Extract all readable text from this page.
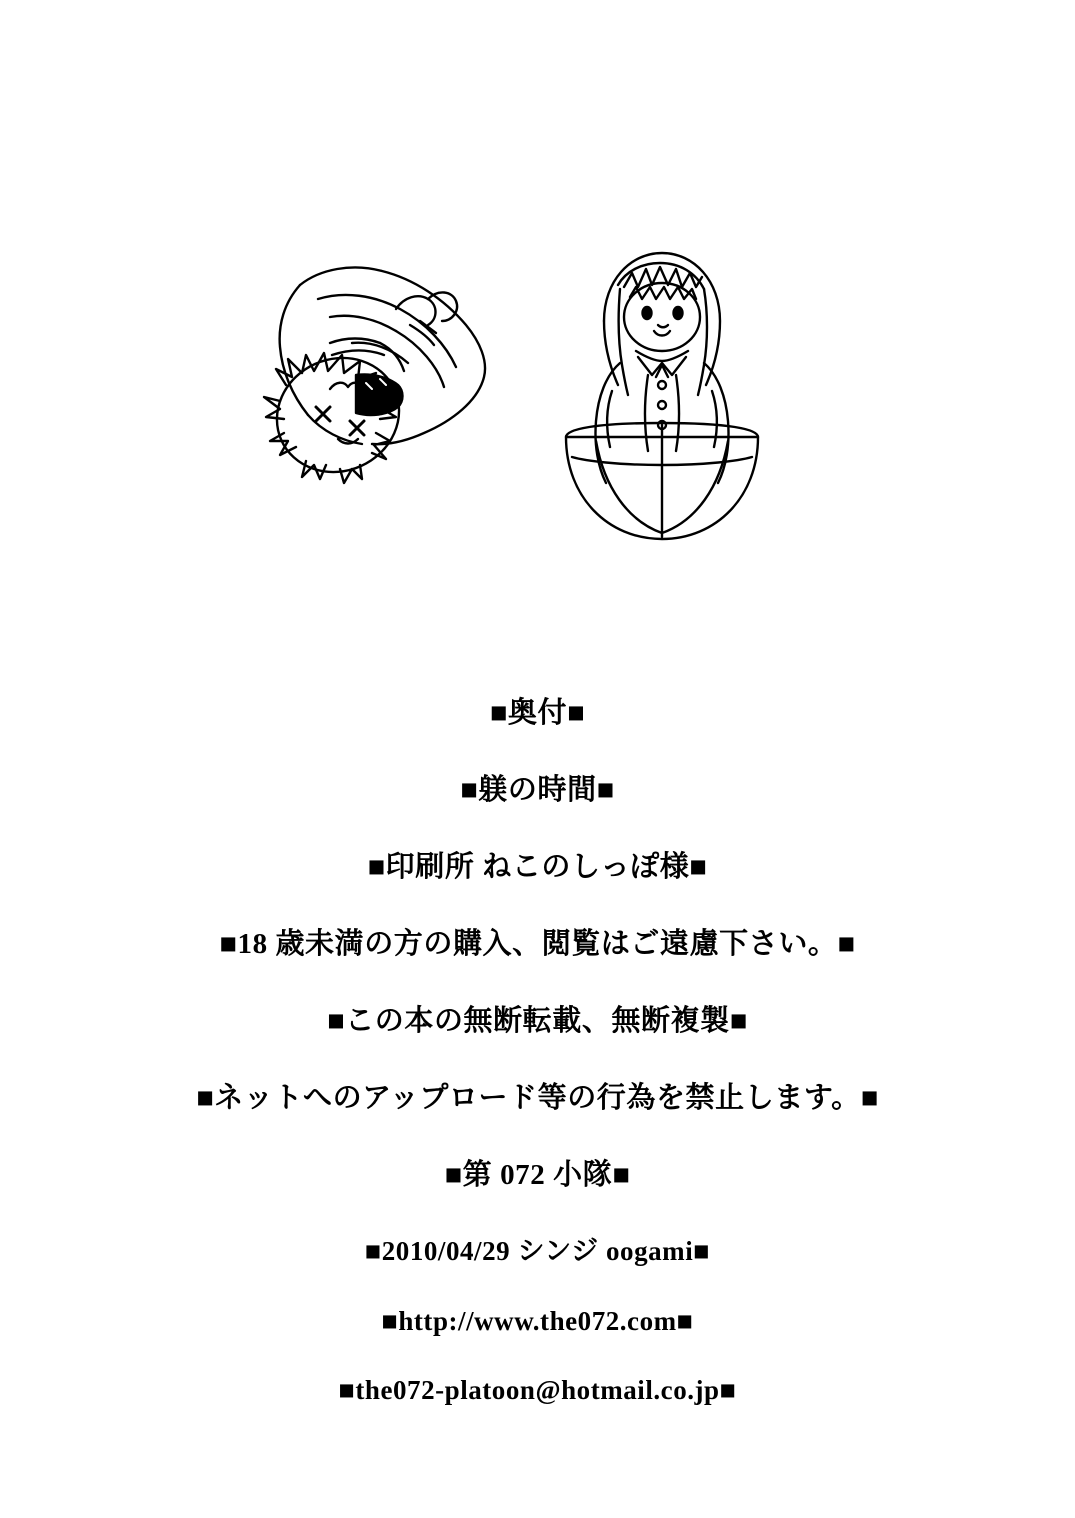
■奥付■
■躾の時間■
■印刷所 ねこのしっぽ様■
■18 歳未満の方の購入、閲覧はご遠慮下さい。■
■この本の無断転載、無断複製■
■ネットへのアップロード等の行為を禁止します。■
■第 072 小隊■
■2010/04/29 シンジ oogami■
■http://www.the072.com■
■the072-platoon@hotmail.co.jp■
